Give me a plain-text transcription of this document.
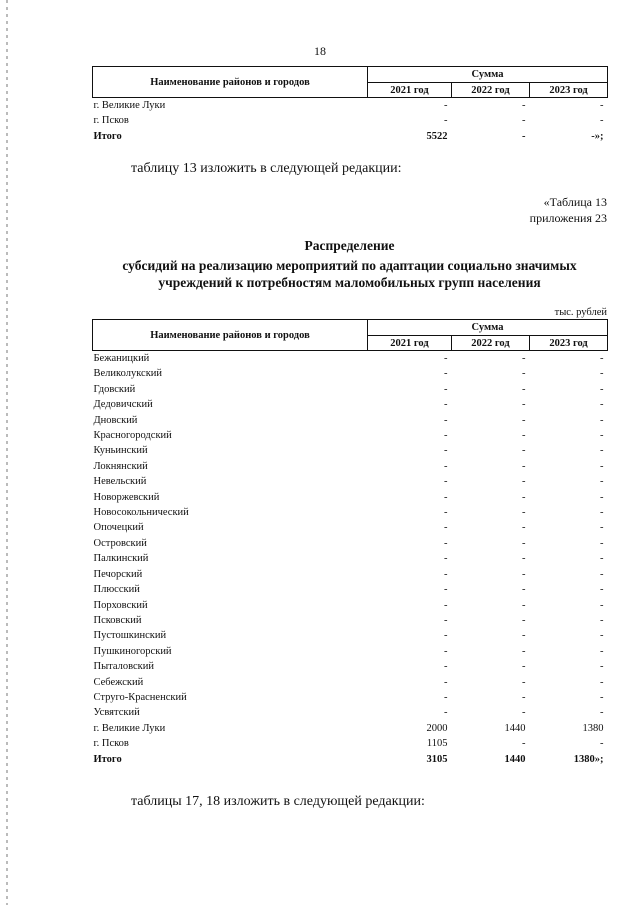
18
Наименование районов и городов	Сумма		
	2021 год	2022 год	2023 год
г. Великие Луки	-	-	-
г. Псков	-	-	-
Итого	5522	-	-»;
таблицу 13 изложить в следующей редакции:
«Таблица 13
приложения 23
Распределение
субсидий на реализацию мероприятий по адаптации социально значимых
учреждений к потребностям маломобильных групп населения
тыс. рублей
Наименование районов и городов	Сумма		
	2021 год	2022 год	2023 год
Бежаницкий	-	-	-
Великолукский	-	-	-
Гдовский	-	-	-
Дедовичский	-	-	-
Дновский	-	-	-
Красногородский	-	-	-
Куньинский	-	-	-
Локнянский	-	-	-
Невельский	-	-	-
Новоржевский	-	-	-
Новосокольнический	-	-	-
Опочецкий	-	-	-
Островский	-	-	-
Палкинский	-	-	-
Печорский	-	-	-
Плюсский	-	-	-
Порховский	-	-	-
Псковский	-	-	-
Пустошкинский	-	-	-
Пушкиногорский	-	-	-
Пыталовский	-	-	-
Себежский	-	-	-
Струго-Красненский	-	-	-
Усвятский	-	-	-
г. Великие Луки	2000	1440	1380
г. Псков	1105	-	-
Итого	3105	1440	1380»;
таблицы 17, 18 изложить в следующей редакции:
